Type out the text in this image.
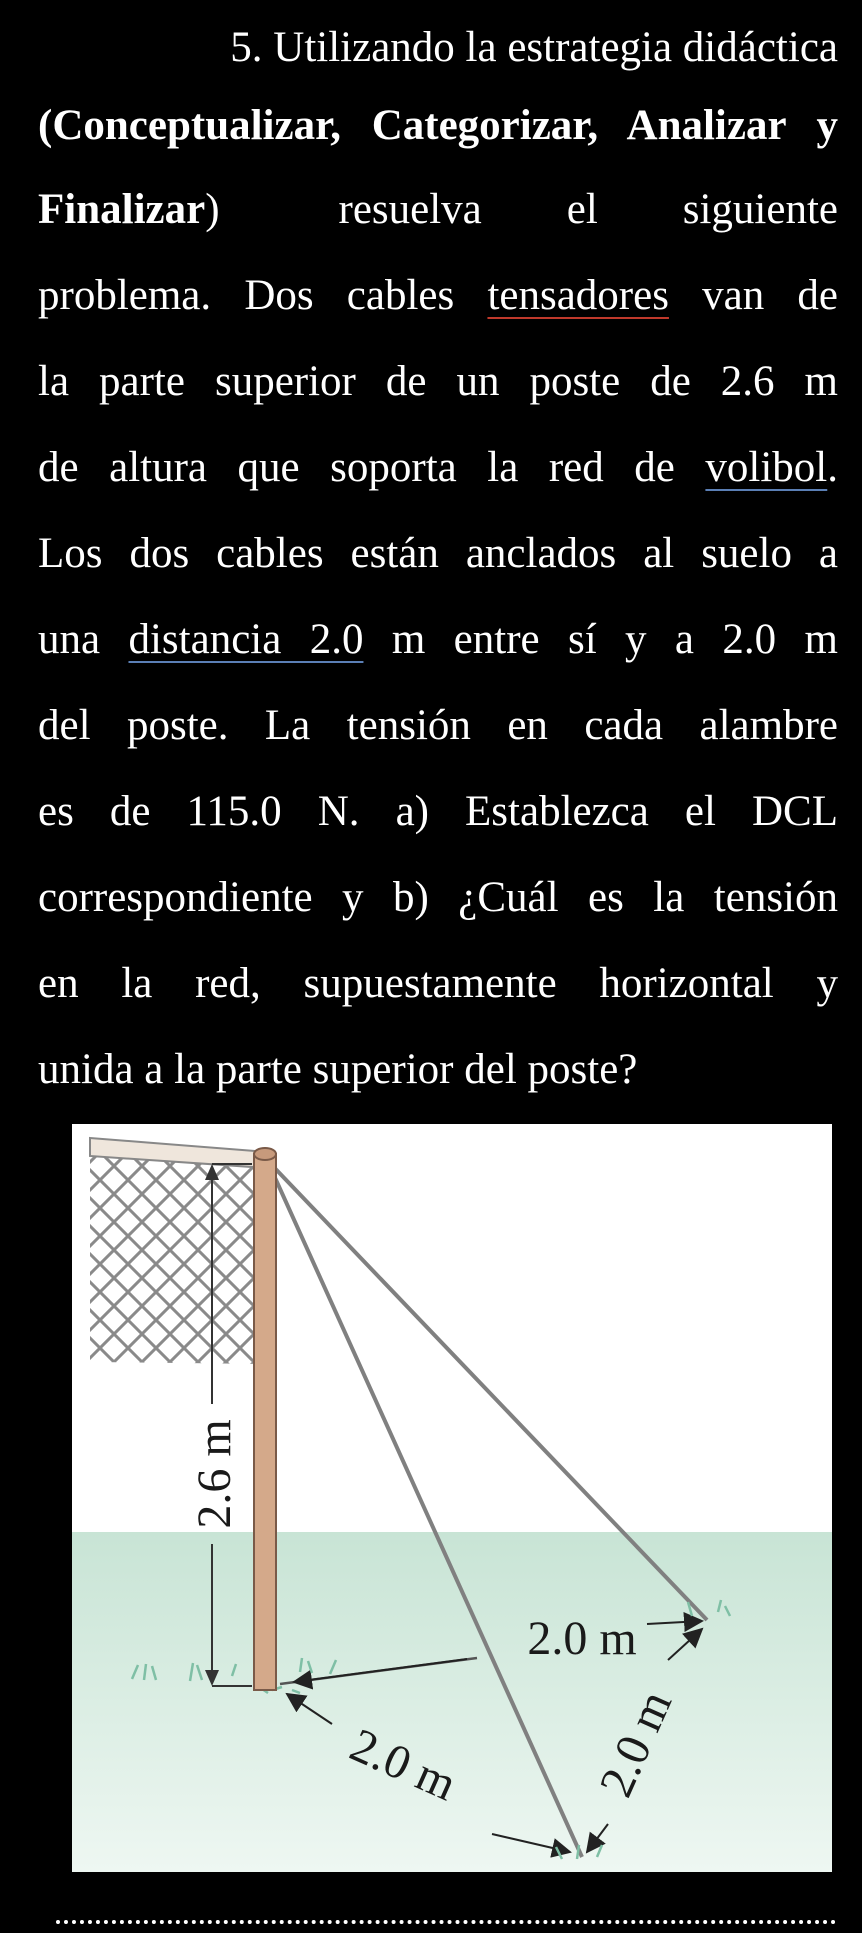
5. Utilizando la estrategia didáctica
(Conceptualizar, Categorizar, Analizar y
Finalizar)       resuelva     el     siguiente
problema. Dos cables tensadores van de
la parte superior de un poste de 2.6 m
de altura que soporta la red de volibol.
Los dos cables están anclados al suelo a
una distancia 2.0 m entre sí y a 2.0 m
del poste. La tensión en cada alambre
es de 115.0 N. a) Establezca el DCL
correspondiente y b) ¿Cuál es la tensión
en la red, supuestamente horizontal y
unida a la parte superior del poste?
2.6 m
2.0 m
2.0 m
2.0 m
